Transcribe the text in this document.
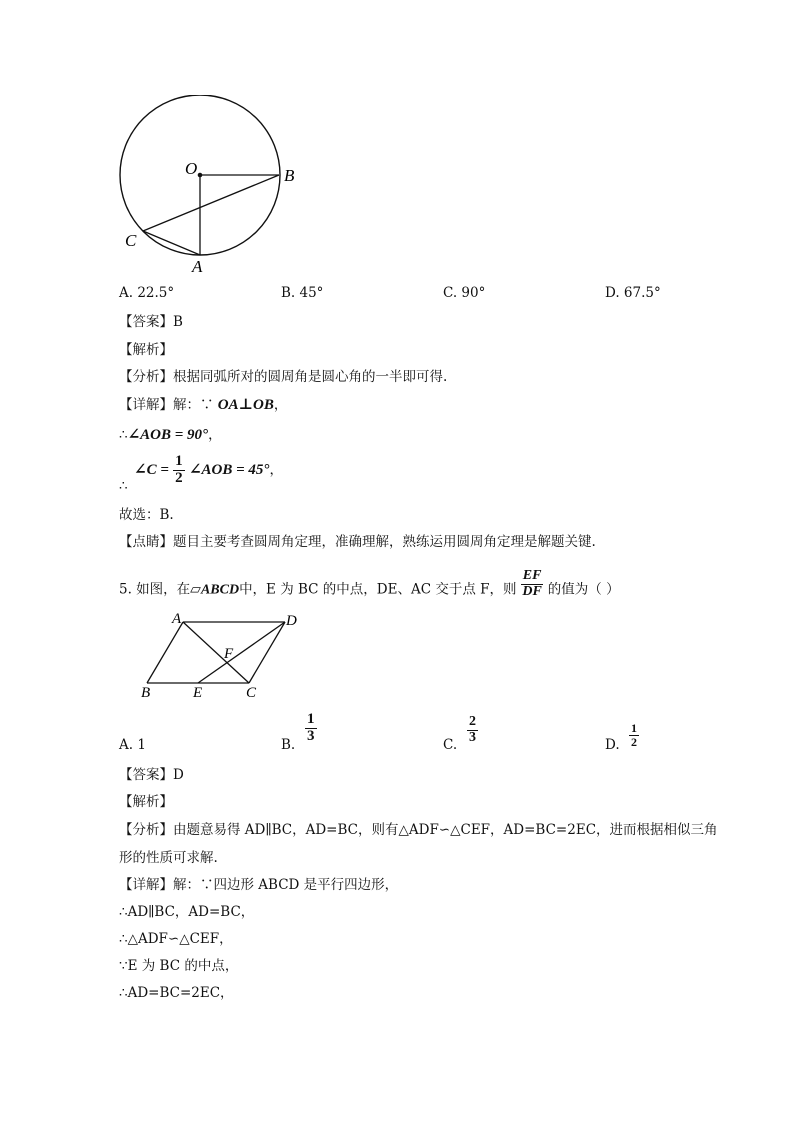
O	B
C
A
A. 22.5°	B. 45°	C. 90°	D. 67.5°
【答案】B
【解析】
【分析】根据同弧所对的圆周角是圆心角的一半即可得.
【详解】解：∵ OA⊥OB，
∴∠AOB = 90°，
∴
∠C = $\frac{1}{2}$ ∠AOB = 45°，
故选：B.
【点睛】题目主要考查圆周角定理，准确理解，熟练运用圆周角定理是解题关键.
5. 如图，在▱ABCD中，E 为 BC 的中点，DE、AC 交于点 F，则 $\frac{EF}{DF}$ 的值为（ ）
A	D
F
B	E	C
A. 1	B.
$\frac{1}{3}$
C. $\frac{2}{3}$	D. $\frac{1}{2}$
【答案】D
【解析】
【分析】由题意易得 AD∥BC，AD=BC，则有△ADF∽△CEF，AD=BC=2EC，进而根据相似三角
形的性质可求解.
【详解】解：∵四边形 ABCD 是平行四边形，
∴AD∥BC，AD=BC，
∴△ADF∽△CEF，
∵E 为 BC 的中点，
∴AD=BC=2EC，
